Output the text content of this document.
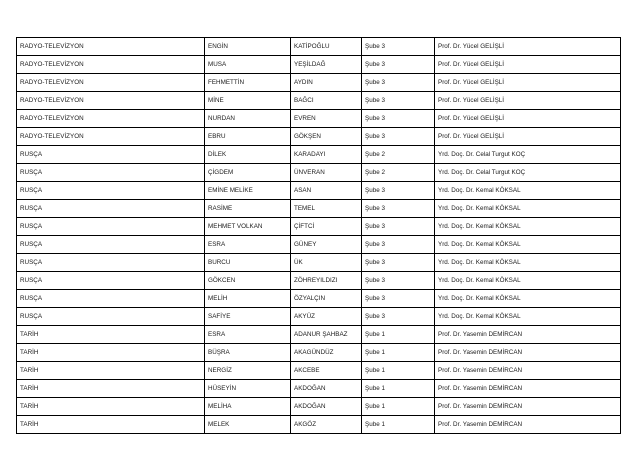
RADYO-TELEVİZYON	ENGİN	KATİPOĞLU	Şube 3	Prof. Dr. Yücel GELİŞLİ
RADYO-TELEVİZYON	MUSA	YEŞİLDAĞ	Şube 3	Prof. Dr. Yücel GELİŞLİ
RADYO-TELEVİZYON	FEHMETTİN	AYDIN	Şube 3	Prof. Dr. Yücel GELİŞLİ
RADYO-TELEVİZYON	MİNE	BAĞCI	Şube 3	Prof. Dr. Yücel GELİŞLİ
RADYO-TELEVİZYON	NURDAN	EVREN	Şube 3	Prof. Dr. Yücel GELİŞLİ
RADYO-TELEVİZYON	EBRU	GÖKŞEN	Şube 3	Prof. Dr. Yücel GELİŞLİ
RUSÇA	DİLEK	KARADAYI	Şube 2	Yrd. Doç. Dr. Celal Turgut KOÇ
RUSÇA	ÇİGDEM	ÜNVERAN	Şube 2	Yrd. Doç. Dr. Celal Turgut KOÇ
RUSÇA	EMİNE MELİKE	ASAN	Şube 3	Yrd. Doç. Dr. Kemal KÖKSAL
RUSÇA	RASİME	TEMEL	Şube 3	Yrd. Doç. Dr. Kemal KÖKSAL
RUSÇA	MEHMET VOLKAN	ÇİFTCİ	Şube 3	Yrd. Doç. Dr. Kemal KÖKSAL
RUSÇA	ESRA	GÜNEY	Şube 3	Yrd. Doç. Dr. Kemal KÖKSAL
RUSÇA	BURCU	ÜK	Şube 3	Yrd. Doç. Dr. Kemal KÖKSAL
RUSÇA	GÖKCEN	ZÖHREYILDIZI	Şube 3	Yrd. Doç. Dr. Kemal KÖKSAL
RUSÇA	MELİH	ÖZYALÇIN	Şube 3	Yrd. Doç. Dr. Kemal KÖKSAL
RUSÇA	SAFİYE	AKYÜZ	Şube 3	Yrd. Doç. Dr. Kemal KÖKSAL
TARİH	ESRA	ADANUR ŞAHBAZ	Şube 1	Prof. Dr. Yasemin DEMİRCAN
TARİH	BÜŞRA	AKAGÜNDÜZ	Şube 1	Prof. Dr. Yasemin DEMİRCAN
TARİH	NERGİZ	AKCEBE	Şube 1	Prof. Dr. Yasemin DEMİRCAN
TARİH	HÜSEYİN	AKDOĞAN	Şube 1	Prof. Dr. Yasemin DEMİRCAN
TARİH	MELİHA	AKDOĞAN	Şube 1	Prof. Dr. Yasemin DEMİRCAN
TARİH	MELEK	AKGÖZ	Şube 1	Prof. Dr. Yasemin DEMİRCAN
